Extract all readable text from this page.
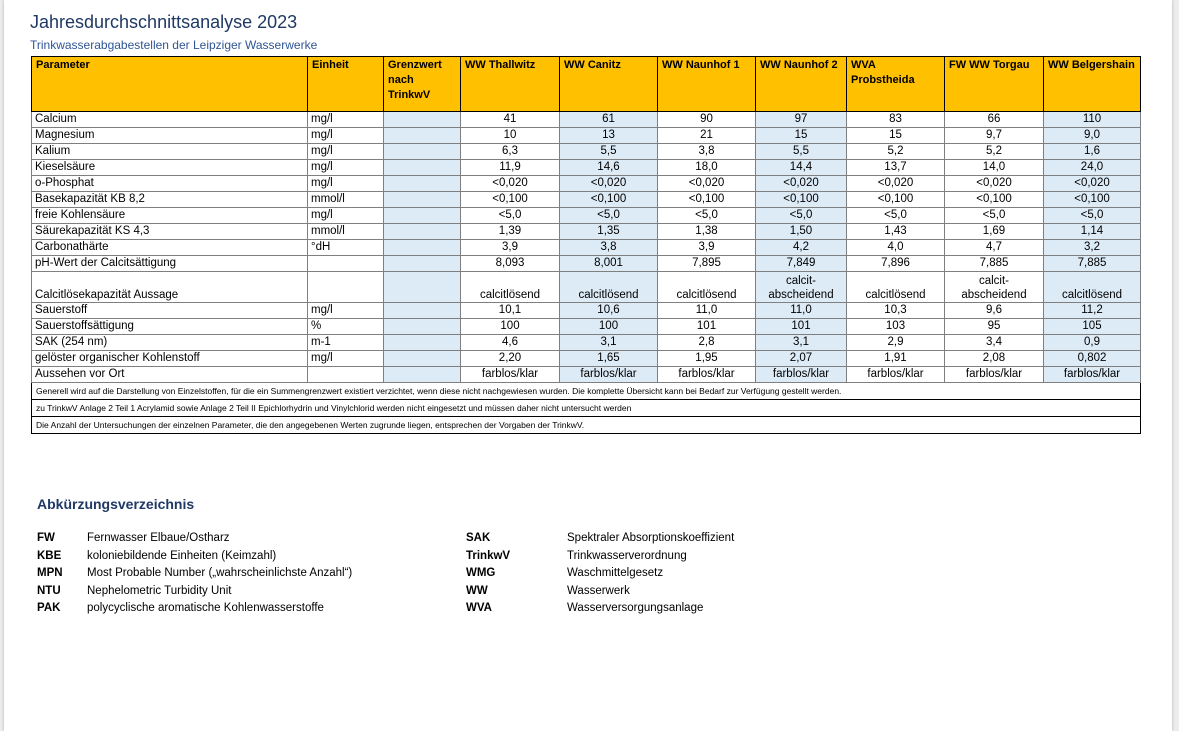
Jahresdurchschnittsanalyse 2023
Trinkwasserabgabestellen der Leipziger Wasserwerke
Parameter	Einheit	Grenzwert nach TrinkwV	WW Thallwitz	WW Canitz	WW Naunhof 1	WW Naunhof 2	WVA Probstheida	FW WW Torgau	WW Belgershain
Calcium	mg/l		41	61	90	97	83	66	110
Magnesium	mg/l		10	13	21	15	15	9,7	9,0
Kalium	mg/l		6,3	5,5	3,8	5,5	5,2	5,2	1,6
Kieselsäure	mg/l		11,9	14,6	18,0	14,4	13,7	14,0	24,0
o-Phosphat	mg/l		<0,020	<0,020	<0,020	<0,020	<0,020	<0,020	<0,020
Basekapazität KB 8,2	mmol/l		<0,100	<0,100	<0,100	<0,100	<0,100	<0,100	<0,100
freie Kohlensäure	mg/l		<5,0	<5,0	<5,0	<5,0	<5,0	<5,0	<5,0
Säurekapazität KS 4,3	mmol/l		1,39	1,35	1,38	1,50	1,43	1,69	1,14
Carbonathärte	°dH		3,9	3,8	3,9	4,2	4,0	4,7	3,2
pH-Wert der Calcitsättigung			8,093	8,001	7,895	7,849	7,896	7,885	7,885
Calcitlösekapazität Aussage			calcitlösend	calcitlösend	calcitlösend	calcit-abscheidend	calcitlösend	calcit-abscheidend	calcitlösend
Sauerstoff	mg/l		10,1	10,6	11,0	11,0	10,3	9,6	11,2
Sauerstoffsättigung	%		100	100	101	101	103	95	105
SAK (254 nm)	m-1		4,6	3,1	2,8	3,1	2,9	3,4	0,9
gelöster organischer Kohlenstoff	mg/l		2,20	1,65	1,95	2,07	1,91	2,08	0,802
Aussehen vor Ort			farblos/klar	farblos/klar	farblos/klar	farblos/klar	farblos/klar	farblos/klar	farblos/klar
Generell wird auf die Darstellung von Einzelstoffen, für die ein Summengrenzwert existiert verzichtet, wenn diese nicht nachgewiesen wurden. Die komplette Übersicht kann bei Bedarf zur Verfügung gestellt werden.									
zu TrinkwV Anlage 2 Teil 1 Acrylamid sowie Anlage 2 Teil II Epichlorhydrin und Vinylchlorid werden nicht eingesetzt und müssen daher nicht untersucht werden									
Die Anzahl der Untersuchungen der einzelnen Parameter, die den angegebenen Werten zugrunde liegen, entsprechen der Vorgaben der TrinkwV.									
Abkürzungsverzeichnis
FW	Fernwasser Elbaue/Ostharz
KBE	koloniebildende Einheiten (Keimzahl)
MPN	Most Probable Number („wahrscheinlichste Anzahl“)
NTU	Nephelometric Turbidity Unit
PAK	polycyclische aromatische Kohlenwasserstoffe
SAK	Spektraler Absorptionskoeffizient
TrinkwV	Trinkwasserverordnung
WMG	Waschmittelgesetz
WW	Wasserwerk
WVA	Wasserversorgungsanlage
